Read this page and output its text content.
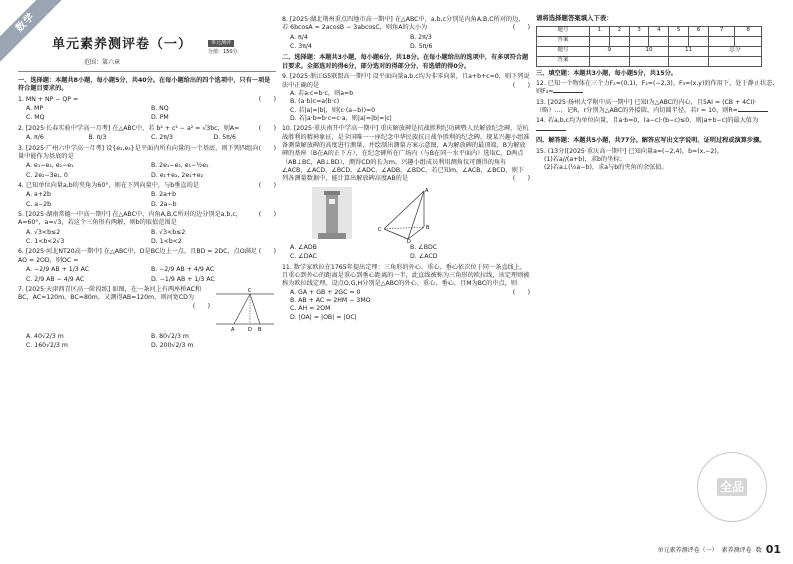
数学
单元素养测评卷（一）
范围：第六章
单元测评
分值：150分
一、选择题：本题共8小题，每小题5分，共40分。在每小题给出的四个选项中，只有一项是符合题目要求的。
(　　)
1. MN + NP − QP =
A. MP	B. NQ
C. MQ	D. PM
(　　)
2. [2025·长春实验中学高一月考] 在△ABC中，若 b² + c² − a² = √3bc，则A=
A. π/6	B. π/3	C. 2π/3	D. 5π/6
(　　)
3. [2025·广州六中学高一月考] 设{e₁,e₂}是平面内所有向量的一个基底，则下列四组向量中能作为基底的是
A. e₁−e₂, e₂−e₁	B. 2e₁−e₂, e₁−½e₂
C. 2e₂−3e₁, 0	D. e₁+e₂, 2e₁+e₂
(　　)
4. 已知单位向量a,b的夹角为60°，则在下列向量中，与b垂直的是
A. a+2b	B. 2a+b
C. a−2b	D. 2a−b
(　　)
5. [2025·湖南常德一中高一期中] 在△ABC中，内角A,B,C所对的边分别是a,b,c，A=60°，a=√3，若这个三角形有两解，则b的取值范围是
A. √3<b≤2	B. √3<b≤2
C. 1<b<2√3	D. 1<b<2
(　　)
6. [2025·河北NT20高一期中] 在△ABC中，D是BC边上一点，且BD = 2DC，点O满足AO = 2OD，则OC =
A. −2/9 AB + 1/3 AC	B. −2/9 AB + 4/9 AC
C. 2/9 AB − 4/9 AC	D. −1/9 AB + 1/3 AC
7. [2025·天津西青区高一阶段练] 如图，在一条河上有两座桥AC和BC，AC=120m，BC=80m，又测得AB=120m，则河宽CD为
(　　)
C
A	D B
A. 40√2/3 m	B. 80√2/3 m
C. 160√2/3 m	D. 200√2/3 m
8. [2025·湖北荆州重点四地市高一期中] 在△ABC中，a,b,c分别是内角A,B,C所对的边，若 6bcosA = 2acosB − 3abcosC，则角A的大小为	(　　)
A. π/4	B. 2π/3
C. 3π/4	D. 5π/6
二、选择题：本题共3小题，每小题6分，共18分。在每小题给出的选项中，有多项符合题目要求。全部选对的得6分，部分选对的得部分分，有选错的得0分。
9. [2025·浙江G5联盟高一期中] 设平面向量a,b,c均为非零向量，且a+b+c=0，则下列说法中正确的是	(　　)
A. 若a·c=b·c，则a=b
B. (a·b)c=a(b·c)
C. 若|a|=|b|，则(c·(a−b))=0
D. 若|a·b=b·c=c·a，则|a|=|b|=|c|
10. [2025·重庆南开中学高一期中] 重庆解放碑是抗战胜利纪功碑暨人民解放纪念碑，是抗战胜利的精神象征，是全国唯一一座纪念中华民族抗日战争胜利的纪念碑。现某兴趣小组准备测量解放碑的高度进行测量，并绘制出测量方案示意图，A为解放碑的最顶端，B为解放碑的基座（B在A的正下方），在纪念碑所在广场内（与B在同一水平面内）选取C，D两点（AB⊥BC，AB⊥BD），测得CD的长为m。兴趣小组成员利用测角仪可测得的角有∠ACB，∠ACD，∠BCD，∠ADC，∠ADB，∠BDC，若已知m，∠ACB，∠BCD，则下列各测量数据中，能计算出解放碑高度AB的是	(　　)
A
B
C
D
A. ∠ADB	B. ∠BDC
C. ∠DAC	D. ∠ACD
11. 数学家欧拉在1765年提出定理：三角形的外心、重心、垂心依次位于同一条直线上，且重心到外心的距离是重心到垂心距离的一半，此直线被称为三角形的欧拉线，该定理则被称为欧拉线定理。设点O,G,H分别是△ABC的外心、重心、垂心，且M为BC的中点，则
(　　)
A. GA + GB + 2GC = 0
B. AB + AC = 2HM − 3MO
C. AH = 2OM
D. |OA| = |OB| = |OC|
请将选择题答案填入下表：
题号	1	2	3	4	5	6	7	8
答案								
题号	9		10		11		总分	
答案								
三、填空题：本题共3小题，每小题5分，共15分。
12. 已知一个物体在三个力F₁=(0,1)，F₂=(−2,3)，F₃=(x,y)的作用下，处于静止状态，则F₃=
13. [2025·扬州大学附中高一期中] 已知I为△ABC的内心，且5AI = (CB + 4CI)·（略）…，记R，r分别为△ABC的外接圆、内切圆半径，若r = 10，则R=
14. 若a,b,c均为单位向量，且a·b=0，(a−c)·(b−c)≤0，则|a+b−c|的最大值为
四、解答题：本题共5小题，共77分。解答应写出文字说明、证明过程或演算步骤。
15. (13分)[2025·重庆高一期中] 已知向量a=(−2,4)，b=(x,−2)。
(1)若a//(a+b)，求b的坐标；
(2)若a⊥(½a−b)，求a与b的夹角的余弦值。
全品
单元素养测评卷（一） 素养测评卷 数 01
